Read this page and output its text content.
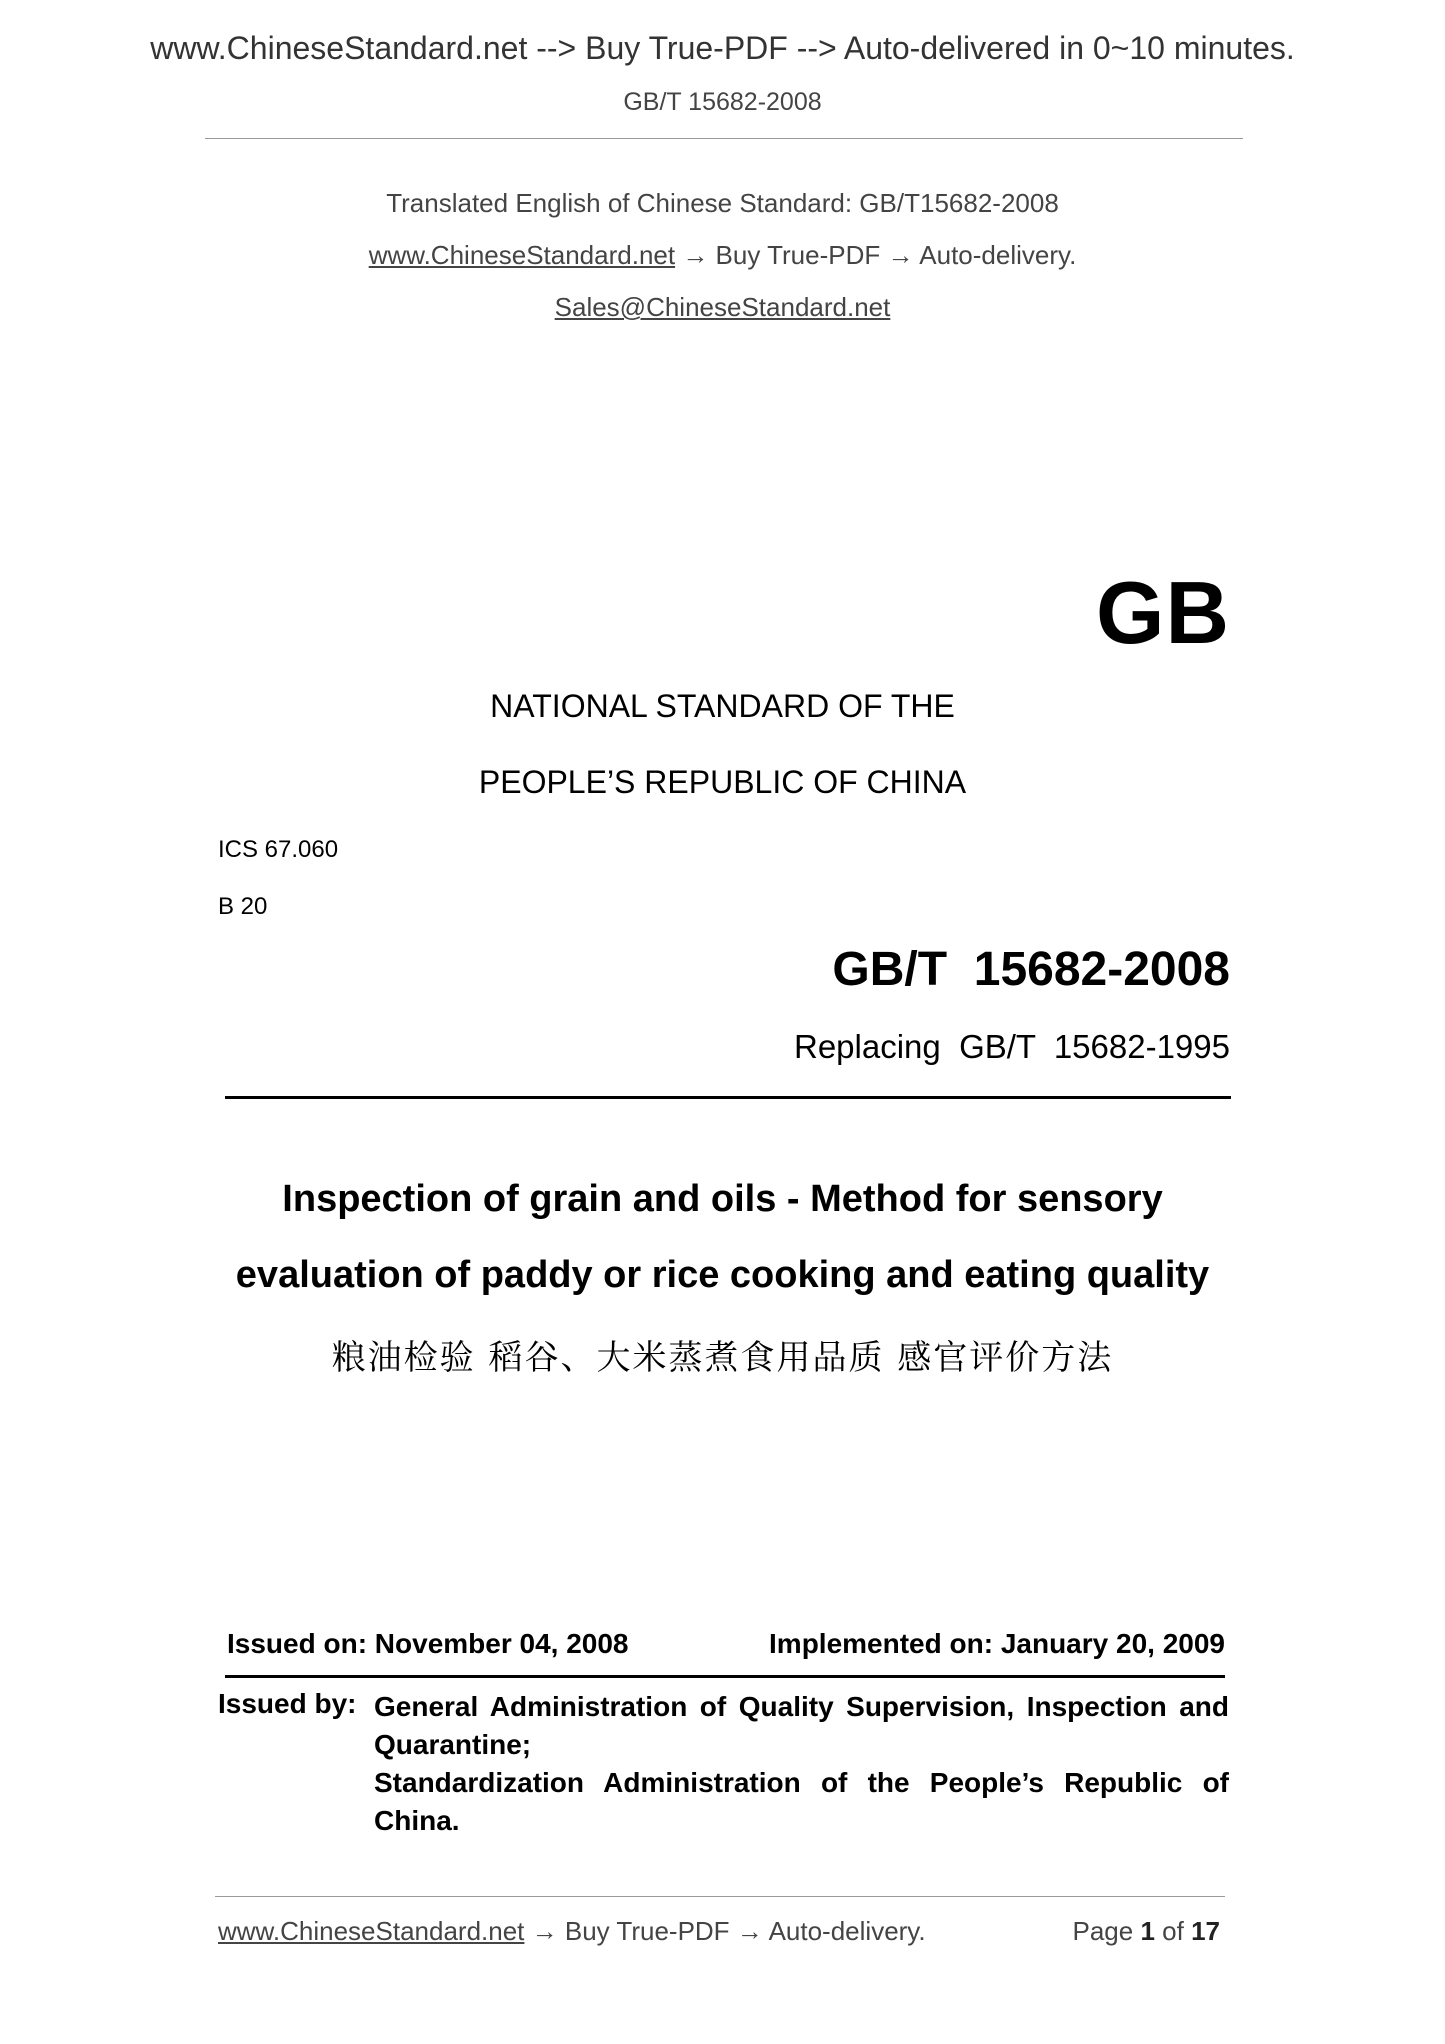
www.ChineseStandard.net --> Buy True-PDF --> Auto-delivered in 0~10 minutes.
GB/T 15682-2008
Translated English of Chinese Standard: GB/T15682-2008
www.ChineseStandard.net → Buy True-PDF → Auto-delivery.
Sales@ChineseStandard.net
GB
NATIONAL STANDARD OF THE
PEOPLE’S REPUBLIC OF CHINA
ICS 67.060
B 20
GB/T  15682-2008
Replacing  GB/T  15682-1995
Inspection of grain and oils - Method for sensory
evaluation of paddy or rice cooking and eating quality
粮油检验 稻谷、大米蒸煮食用品质 感官评价方法
Issued on: November 04, 2008	Implemented on: January 20, 2009
Issued by: General Administration of Quality Supervision, Inspection and Quarantine;

Standardization Administration of the People’s Republic of China.

www.ChineseStandard.net → Buy True-PDF → Auto-delivery.	Page 1 of 17
